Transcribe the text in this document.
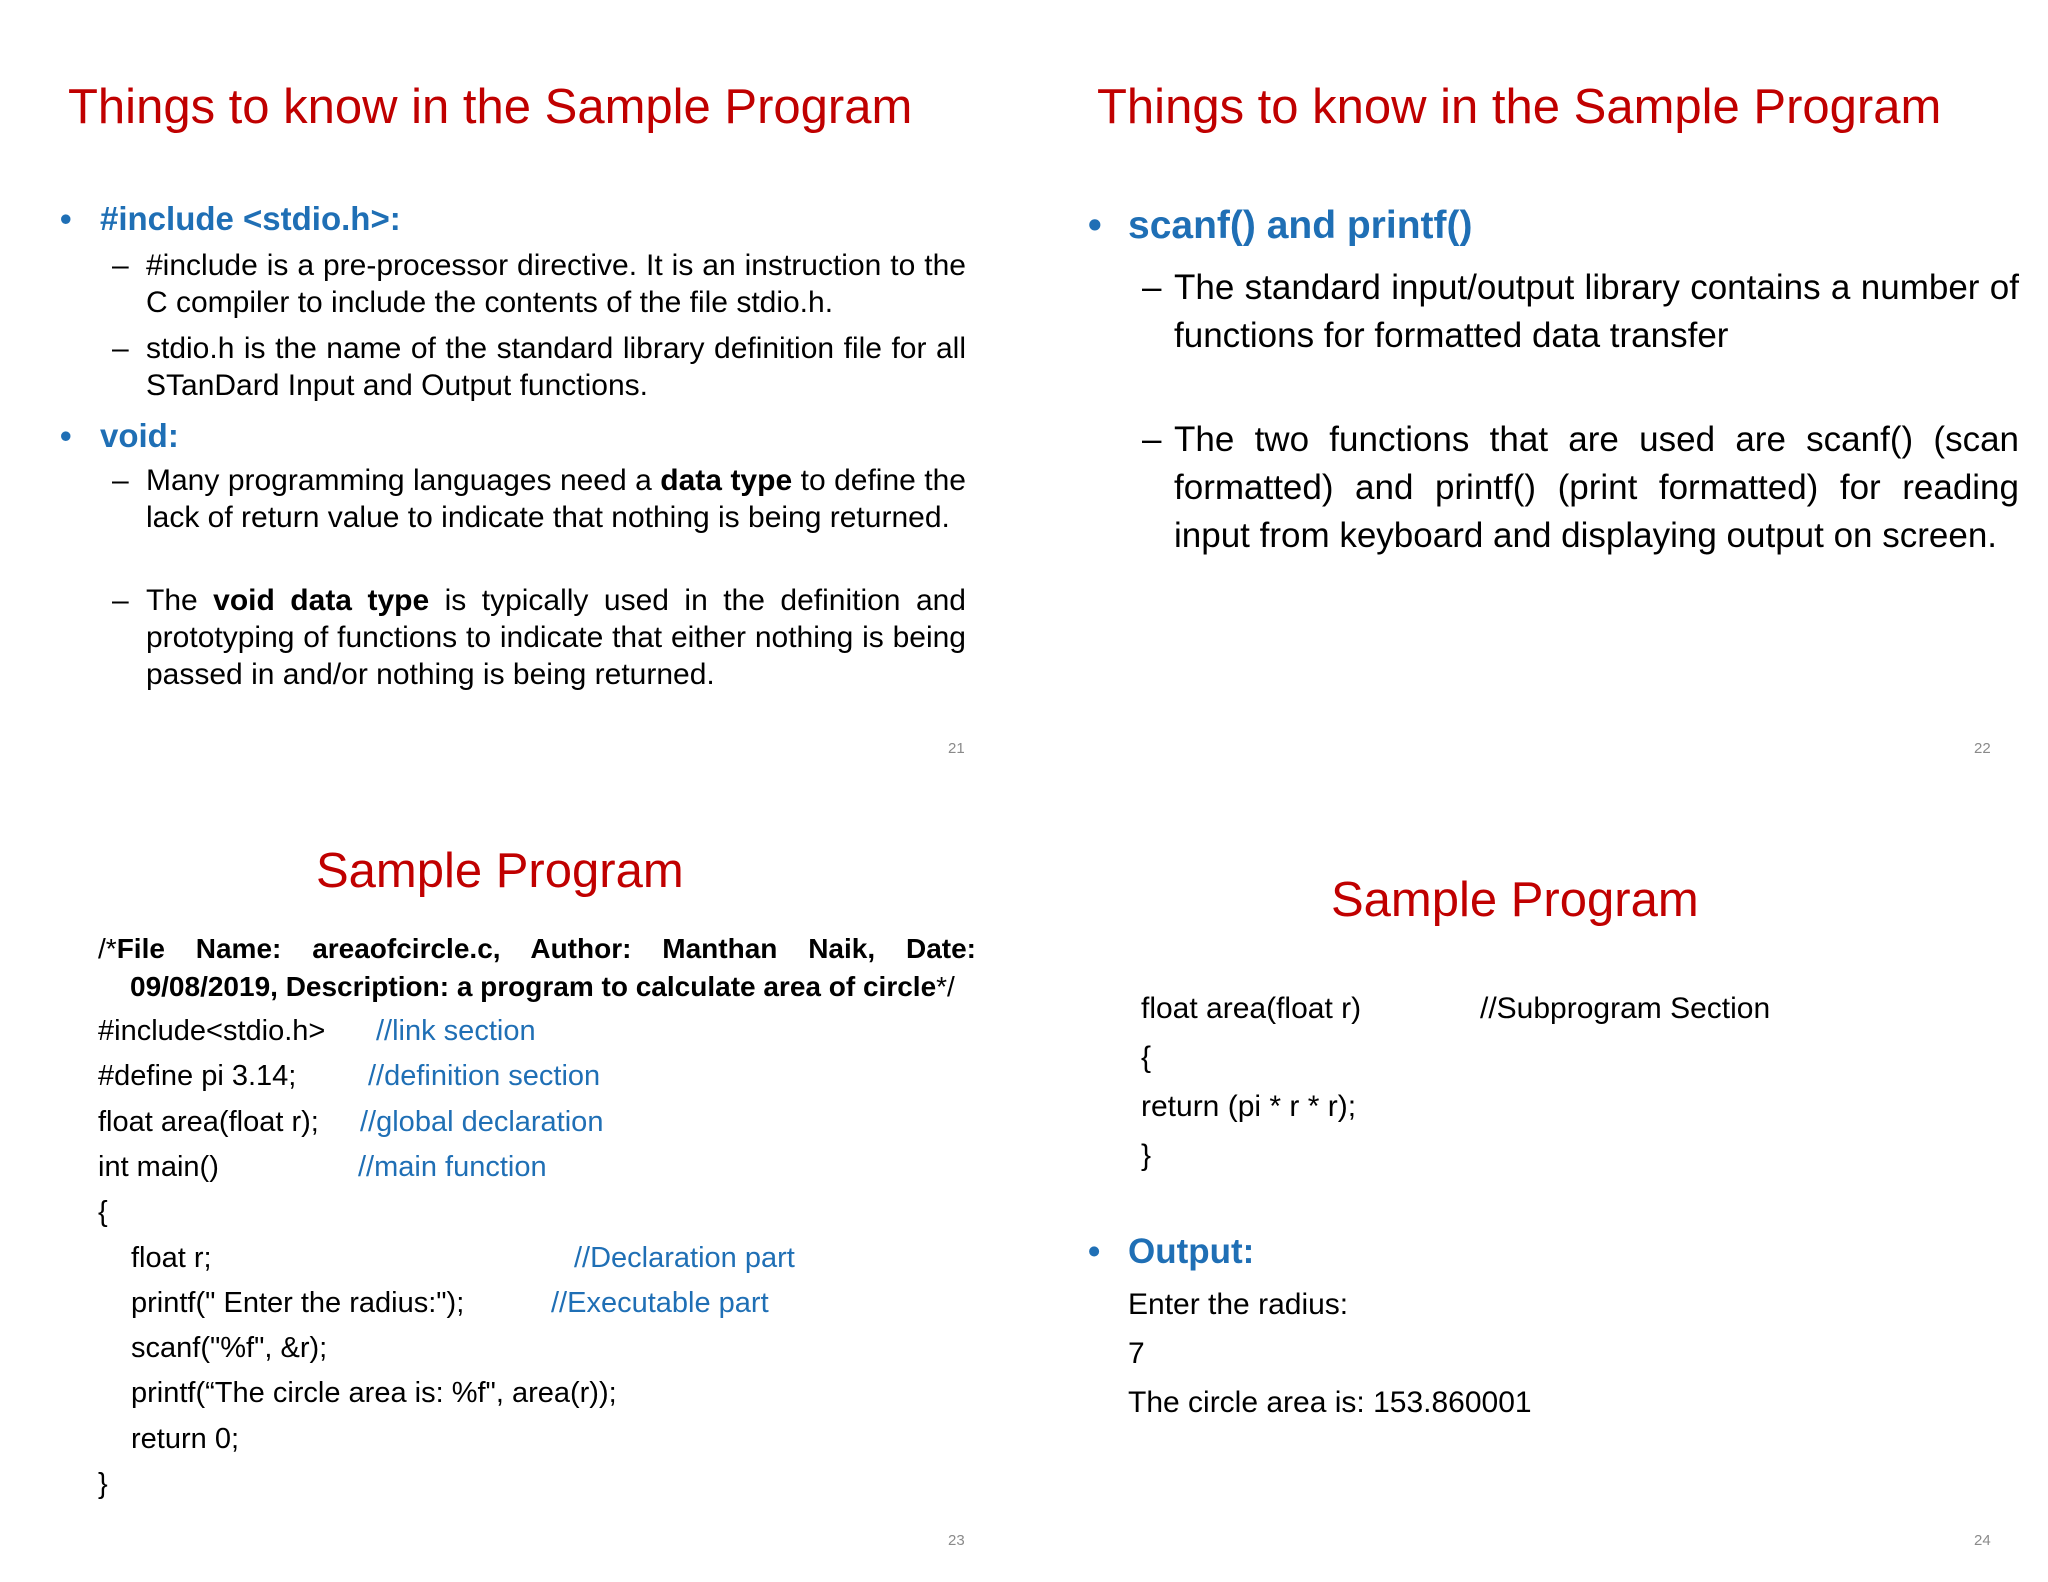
Things to know in the Sample Program
• #include <stdio.h>:
– #include is a pre-processor directive. It is an instruction to the C compiler to include the contents of the file stdio.h.
– stdio.h is the name of the standard library definition file for all STanDard Input and Output functions.
• void:
– Many programming languages need a data type to define the lack of return value to indicate that nothing is being returned.
– The void data type is typically used in the definition and prototyping of functions to indicate that either nothing is being passed in and/or nothing is being returned.
21
Things to know in the Sample Program
• scanf() and printf()
– The standard input/output library contains a number of functions for formatted data transfer
– The two functions that are used are scanf() (scan formatted) and printf() (print formatted) for reading input from keyboard and displaying output on screen.
22
Sample Program
/*File Name: areaofcircle.c, Author: Manthan Naik, Date: 09/08/2019, Description: a program to calculate area of circle*/
#include<stdio.h> //link section
#define pi 3.14; //definition section
float area(float r); //global declaration
int main()	//main function
{
float r;	//Declaration part
printf(" Enter the radius:");	//Executable part
scanf("%f", &r);
printf(“The circle area is: %f", area(r));
return 0;
}
23
Sample Program
float area(float r)	//Subprogram Section
{
return (pi * r * r);
}
• Output:
Enter the radius:
7
The circle area is: 153.860001
24
